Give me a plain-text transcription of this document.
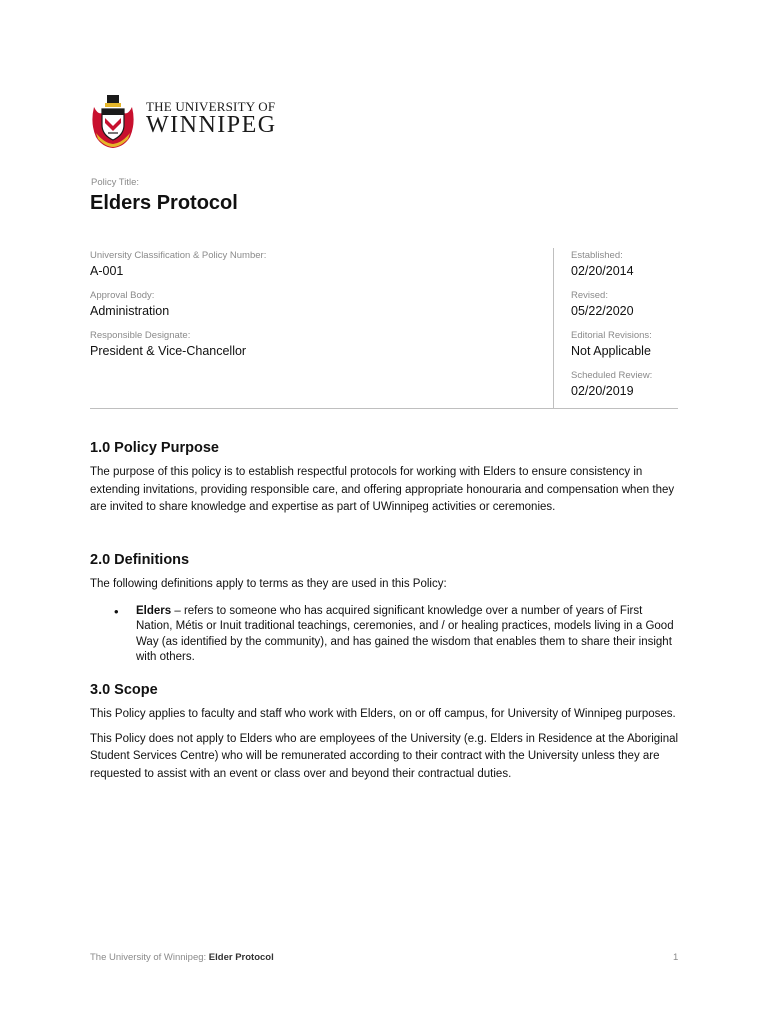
THE UNIVERSITY OF
WINNIPEG
Policy Title:
Elders Protocol
University Classification & Policy Number:
A-001
Approval Body:
Administration
Responsible Designate:
President & Vice-Chancellor
Established:
02/20/2014
Revised:
05/22/2020
Editorial Revisions:
Not Applicable
Scheduled Review:
02/20/2019
1.0 Policy Purpose

The purpose of this policy is to establish respectful protocols for working with Elders to ensure consistency in extending invitations, providing responsible care, and offering appropriate honouraria and compensation when they are invited to share knowledge and expertise as part of UWinnipeg activities or ceremonies.

2.0 Definitions

The following definitions apply to terms as they are used in this Policy:

• Elders – refers to someone who has acquired significant knowledge over a number of years of First Nation, Métis or Inuit traditional teachings, ceremonies, and / or healing practices, models living in a Good Way (as identified by the community), and has gained the wisdom that enables them to share their insight with others.
3.0 Scope

This Policy applies to faculty and staff who work with Elders, on or off campus, for University of Winnipeg purposes.

This Policy does not apply to Elders who are employees of the University (e.g. Elders in Residence at the Aboriginal Student Services Centre) who will be remunerated according to their contract with the University unless they are requested to assist with an event or class over and beyond their contractual duties.

The University of Winnipeg: Elder Protocol	1
